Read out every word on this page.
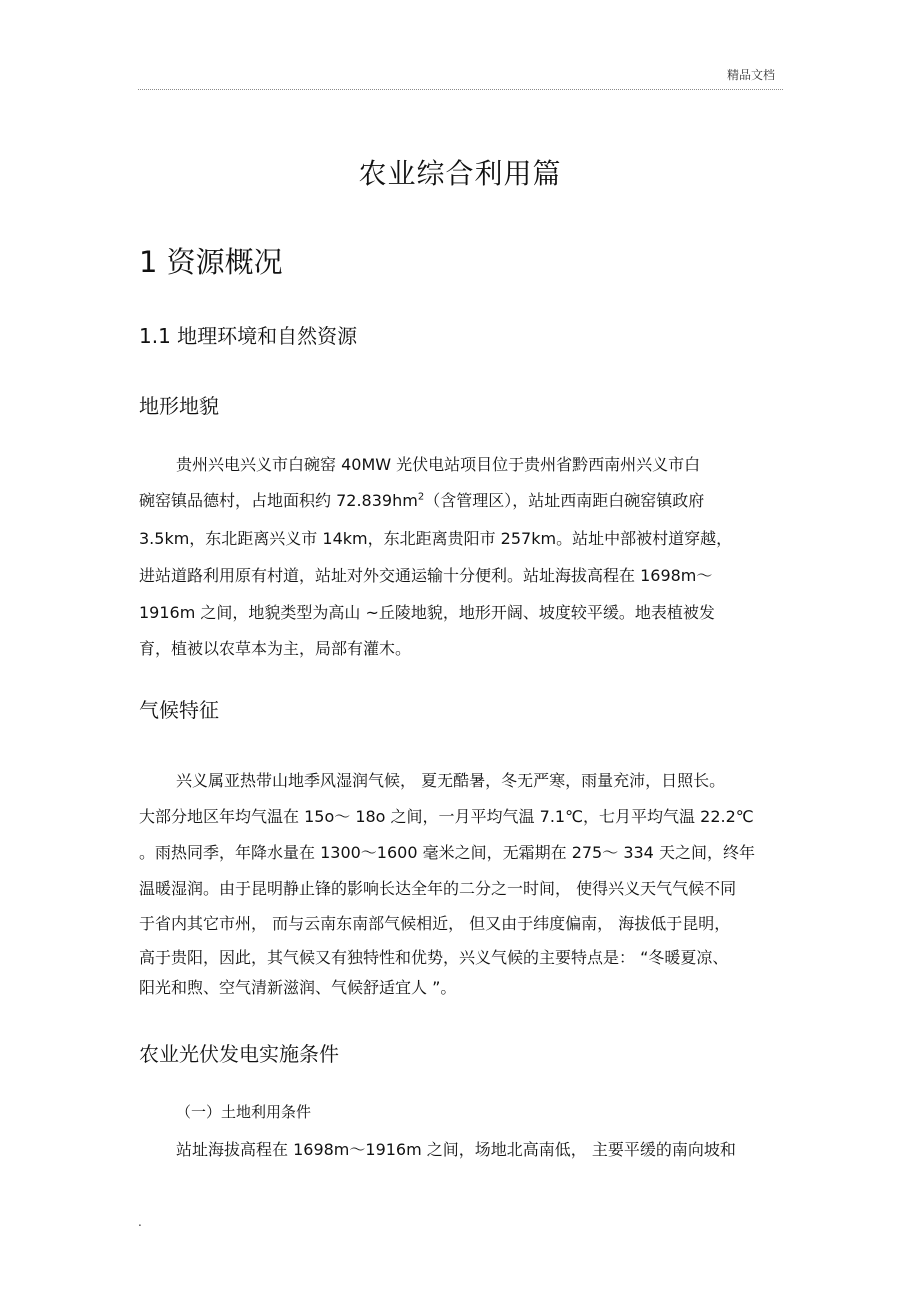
精品文档
农业综合利用篇
1 资源概况
1.1 地理环境和自然资源
地形地貌
贵州兴电兴义市白碗窑 40MW 光伏电站项目位于贵州省黔西南州兴义市白
碗窑镇品德村，占地面积约 $72.839hm^2$（含管理区），站址西南距白碗窑镇政府
3.5km，东北距离兴义市 14km，东北距离贵阳市 257km。站址中部被村道穿越，
进站道路利用原有村道，站址对外交通运输十分便利。站址海拔高程在 1698m～
1916m 之间，地貌类型为高山 ~丘陵地貌，地形开阔、坡度较平缓。地表植被发
育，植被以农草本为主，局部有灌木。
气候特征
兴义属亚热带山地季风湿润气候， 夏无酷暑，冬无严寒，雨量充沛，日照长。
大部分地区年均气温在 15o～ 18o 之间，一月平均气温 7.1℃，七月平均气温 22.2℃
。雨热同季，年降水量在 1300～1600 毫米之间，无霜期在 275～ 334 天之间，终年
温暖湿润。由于昆明静止锋的影响长达全年的二分之一时间， 使得兴义天气气候不同
于省内其它市州， 而与云南东南部气候相近， 但又由于纬度偏南， 海拔低于昆明，
高于贵阳，因此，其气候又有独特性和优势，兴义气候的主要特点是： “冬暖夏凉、
阳光和煦、空气清新滋润、气候舒适宜人 ”。
农业光伏发电实施条件
（一）土地利用条件
站址海拔高程在 1698m～1916m 之间，场地北高南低， 主要平缓的南向坡和
.
